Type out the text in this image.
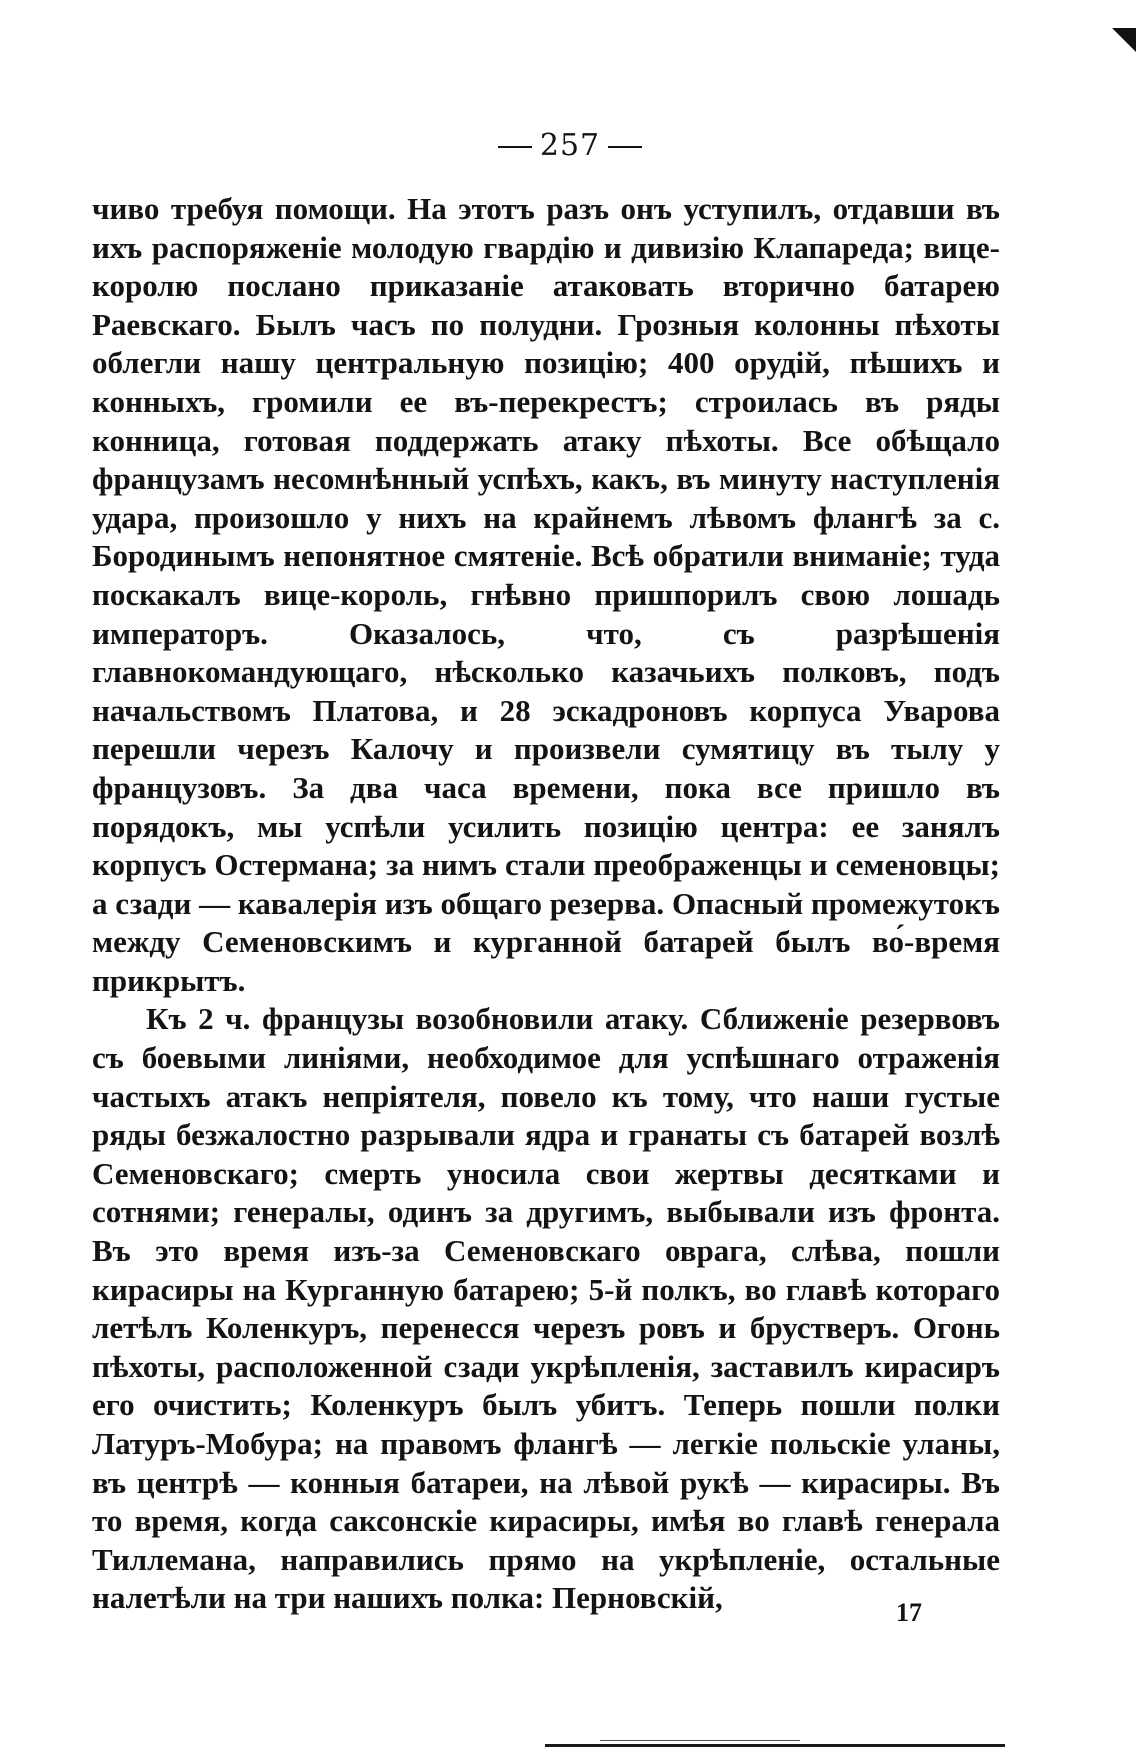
257

чиво требуя помощи. На этотъ разъ онъ уступилъ, отдавши въ ихъ распоряженіе молодую гвардію и дивизію Клапареда; вице-королю послано приказаніе атаковать вторично батарею Раевскаго. Былъ часъ по полудни. Грозныя колонны пѣхоты облегли нашу центральную позицію; 400 орудій, пѣшихъ и конныхъ, громили ее въ-перекрестъ; строилась въ ряды конница, готовая поддержать атаку пѣхоты. Все обѣщало французамъ несомнѣнный успѣхъ, какъ, въ минуту наступленія удара, произошло у нихъ на крайнемъ лѣвомъ флангѣ за с. Бородинымъ непонятное смятеніе. Всѣ обратили вниманіе; туда поскакалъ вице-король, гнѣвно пришпорилъ свою лошадь императоръ. Оказалось, что, съ разрѣшенія главнокомандующаго, нѣсколько казачьихъ полковъ, подъ начальствомъ Платова, и 28 эскадроновъ корпуса Уварова перешли черезъ Калочу и произвели сумятицу въ тылу у французовъ. За два часа времени, пока все пришло въ порядокъ, мы успѣли усилить позицію центра: ее занялъ корпусъ Остермана; за нимъ стали преображенцы и семеновцы; а сзади — кавалерія изъ общаго резерва. Опасный промежутокъ между Семеновскимъ и курганной батарей былъ во́-время прикрытъ.

Къ 2 ч. французы возобновили атаку. Сближеніе резервовъ съ боевыми линіями, необходимое для успѣшнаго отраженія частыхъ атакъ непріятеля, повело къ тому, что наши густые ряды безжалостно разрывали ядра и гранаты съ батарей возлѣ Семеновскаго; смерть уносила свои жертвы десятками и сотнями; генералы, одинъ за другимъ, выбывали изъ фронта. Въ это время изъ-за Семеновскаго оврага, слѣва, пошли кирасиры на Курганную батарею; 5-й полкъ, во главѣ котораго летѣлъ Коленкуръ, перенесся черезъ ровъ и брустверъ. Огонь пѣхоты, расположенной сзади укрѣпленія, заставилъ кирасиръ его очистить; Коленкуръ былъ убитъ. Теперь пошли полки Латуръ-Мобура; на правомъ флангѣ — легкіе польскіе уланы, въ центрѣ — конныя батареи, на лѣвой рукѣ — кирасиры. Въ то время, когда саксонскіе кирасиры, имѣя во главѣ генерала Тиллемана, направились прямо на укрѣпленіе, остальные налетѣли на три нашихъ полка: Перновскій,	17
